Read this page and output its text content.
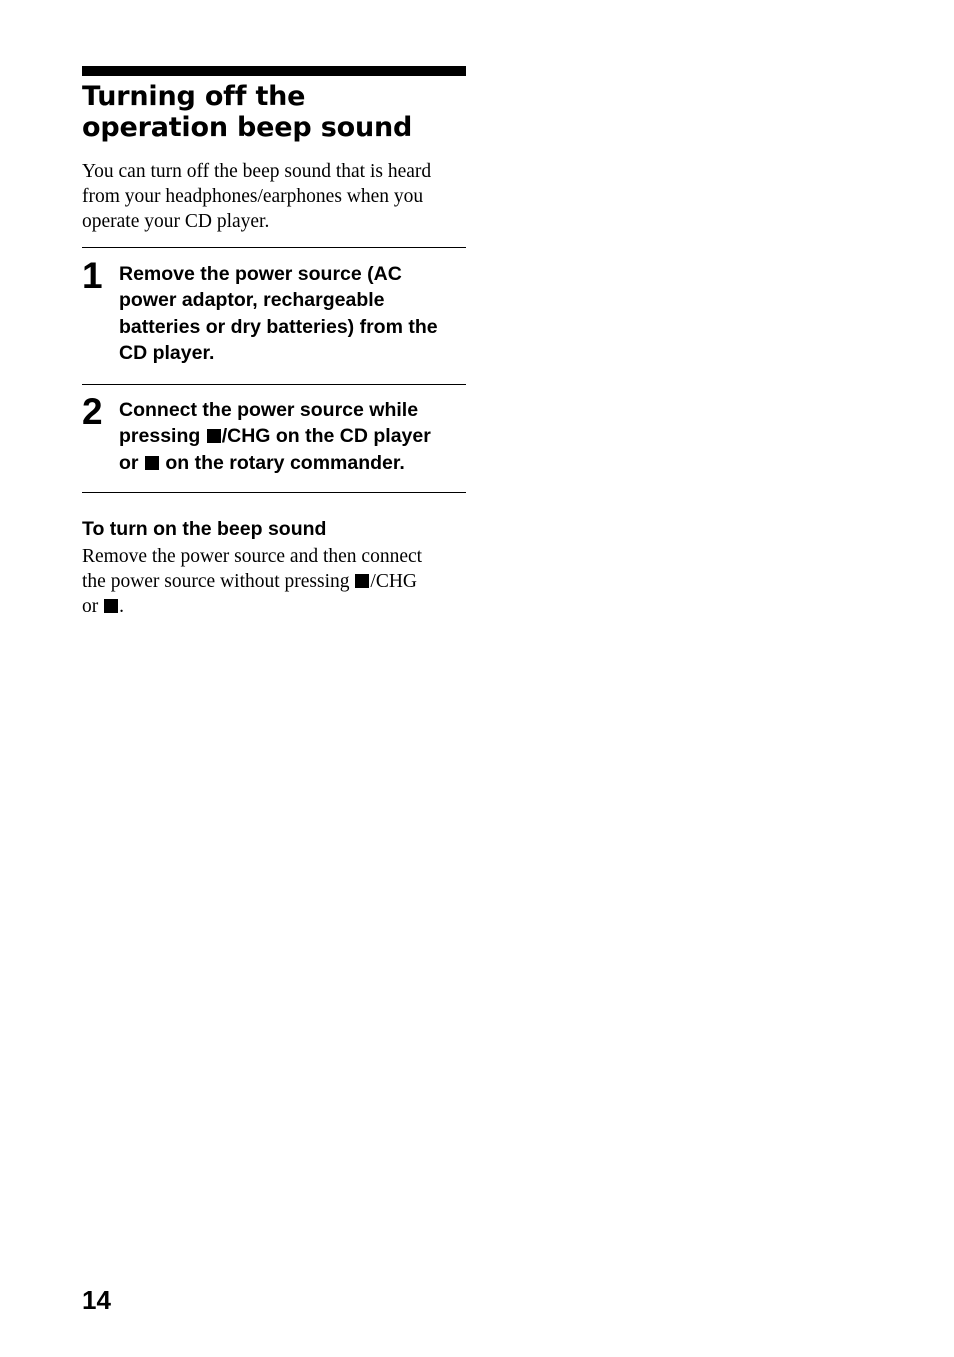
Turning off the
operation beep sound

You can turn off the beep sound that is heard
from your headphones/earphones when you
operate your CD player.

1 Remove the power source (AC
power adaptor, rechargeable
batteries or dry batteries) from the
CD player.
2 Connect the power source while
pressing /CHG on the CD player
or  on the rotary commander.
To turn on the beep sound

Remove the power source and then connect
the power source without pressing /CHG
or .

14
